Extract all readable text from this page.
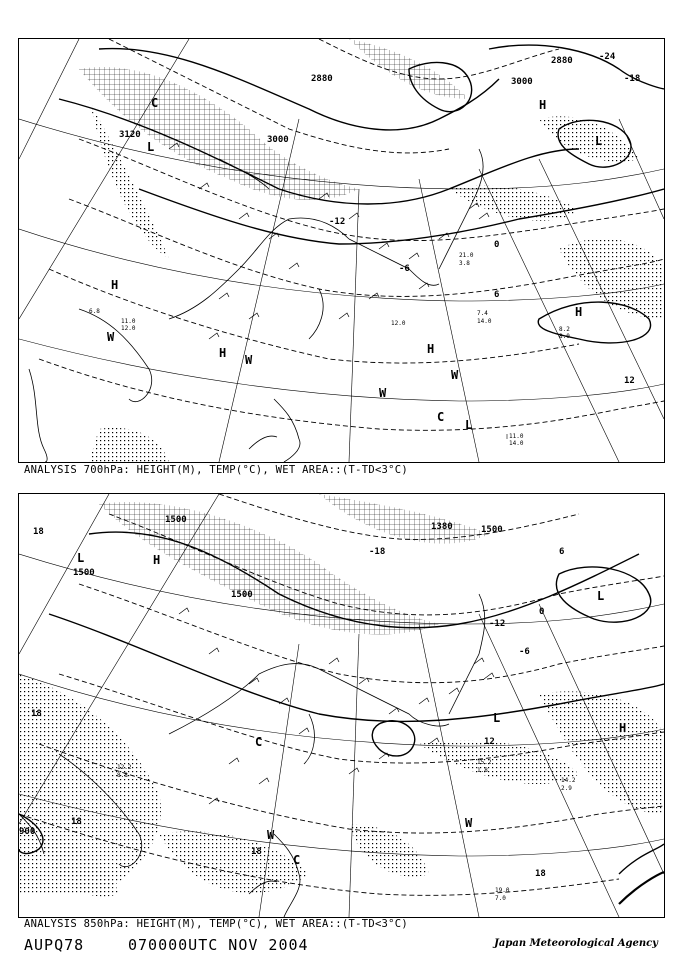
2880
3000
3120
3000
2880	-24
-18
-12
-6
0
6
12
H
H	H
H
H
L
L
L
W
W
W
W
C
C
11.0
14.0
7.4
14.0
8.2
8.0
21.0
3.8
12.0
11.0
12.0
6.8
ANALYSIS 700hPa: HEIGHT(M), TEMP(°C), WET AREA::(T-TD<3°C)
1500
1500
1500
1500
1380
-18
-12
-6
0
6
12
18
18
18
18
18
900
L
L
L
H
H
W
W
C
C
19.0
7.0
14.2
2.9
15.2
1.8
12.2
8.8
ANALYSIS 850hPa: HEIGHT(M), TEMP(°C), WET AREA::(T-TD<3°C)
AUPQ78	070000UTC NOV 2004	Japan Meteorological Agency
